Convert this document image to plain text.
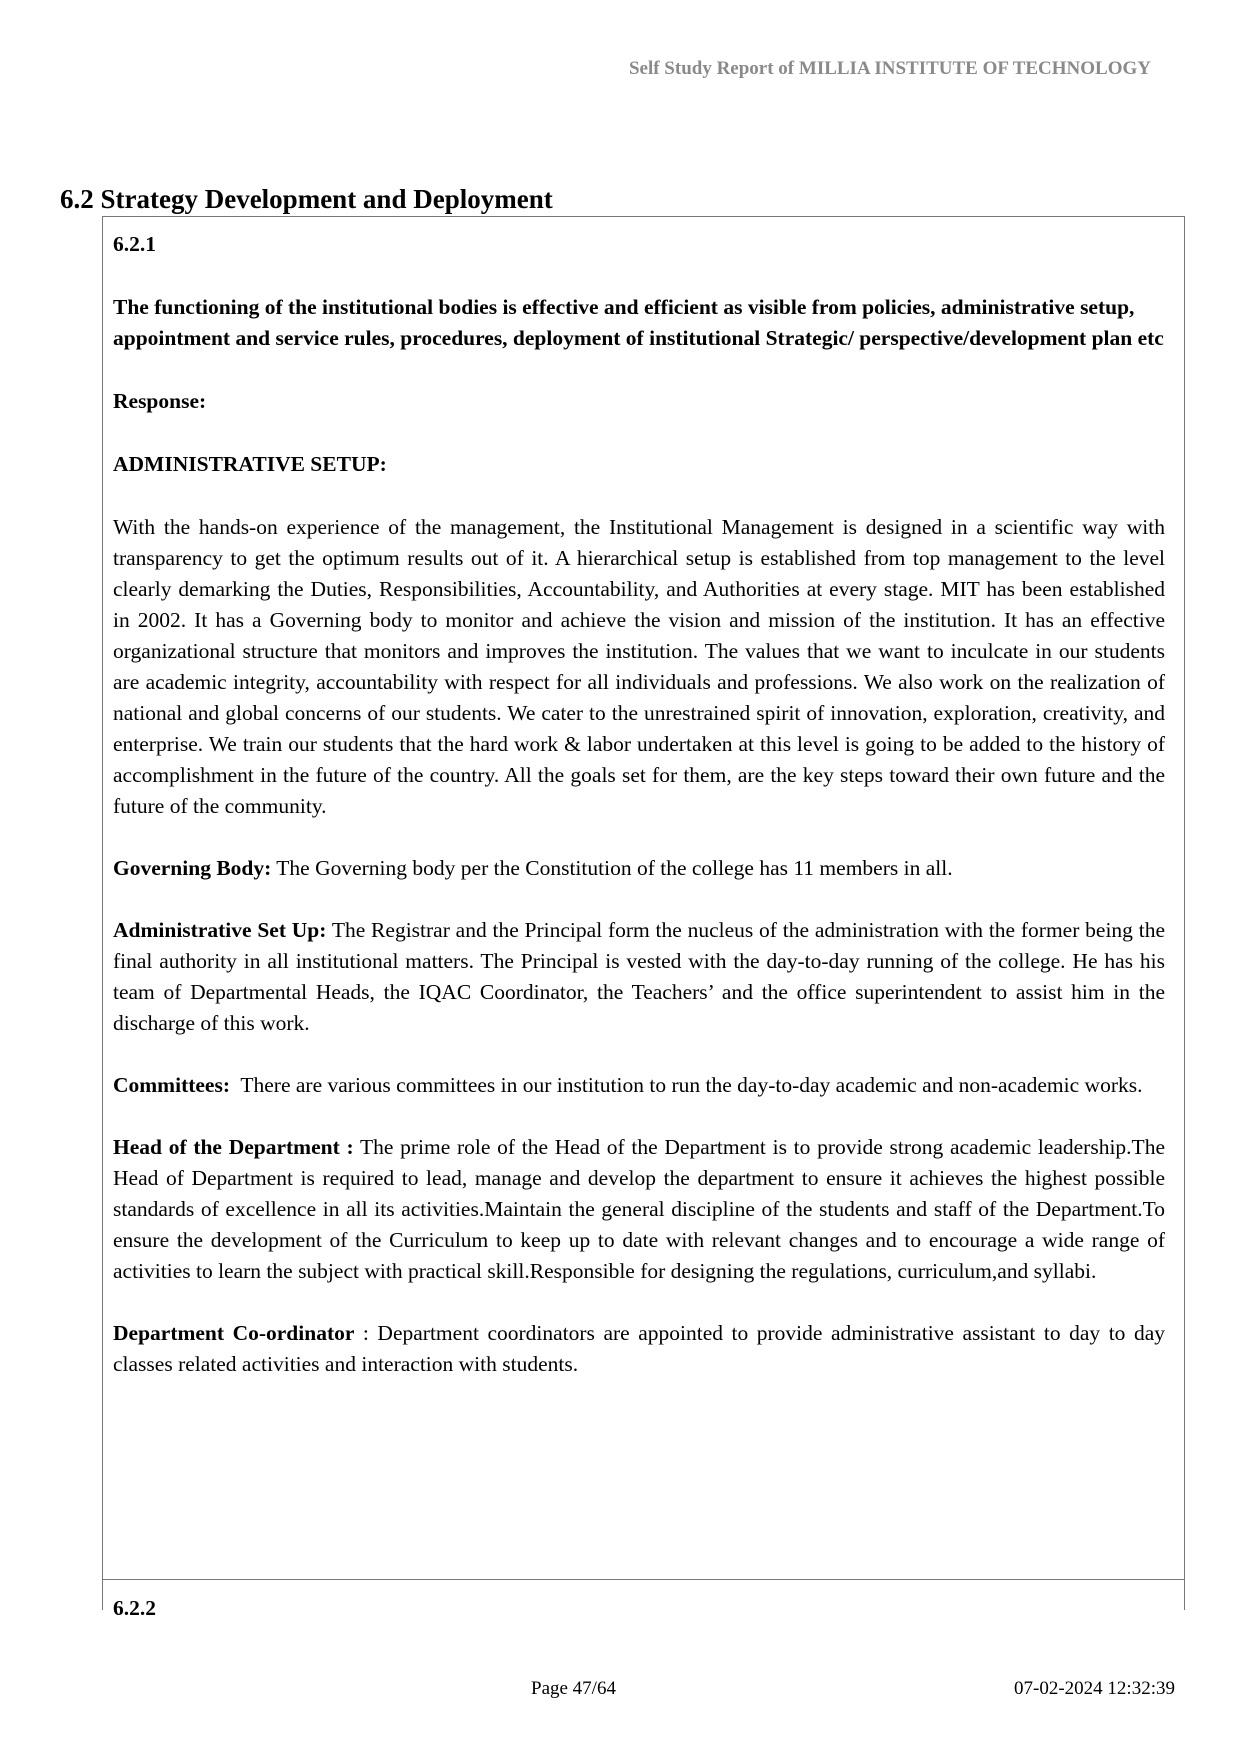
Self Study Report of MILLIA INSTITUTE OF TECHNOLOGY
6.2 Strategy Development and Deployment
6.2.1
The functioning of the institutional bodies is effective and efficient as visible from policies, administrative setup, appointment and service rules, procedures, deployment of institutional Strategic/ perspective/development plan etc
Response:
ADMINISTRATIVE SETUP:

With the hands-on experience of the management, the Institutional Management is designed in a scientific way with transparency to get the optimum results out of it. A hierarchical setup is established from top management to the level clearly demarking the Duties, Responsibilities, Accountability, and Authorities at every stage. MIT has been established in 2002. It has a Governing body to monitor and achieve the vision and mission of the institution. It has an effective organizational structure that monitors and improves the institution. The values that we want to inculcate in our students are academic integrity, accountability with respect for all individuals and professions. We also work on the realization of national and global concerns of our students. We cater to the unrestrained spirit of innovation, exploration, creativity, and enterprise. We train our students that the hard work & labor undertaken at this level is going to be added to the history of accomplishment in the future of the country. All the goals set for them, are the key steps toward their own future and the future of the community.

Governing Body: The Governing body per the Constitution of the college has 11 members in all.

Administrative Set Up: The Registrar and the Principal form the nucleus of the administration with the former being the final authority in all institutional matters. The Principal is vested with the day-to-day running of the college. He has his team of Departmental Heads, the IQAC Coordinator, the Teachers’ and the office superintendent to assist him in the discharge of this work.

Committees:  There are various committees in our institution to run the day-to-day academic and non-academic works.

Head of the Department : The prime role of the Head of the Department is to provide strong academic leadership.The Head of Department is required to lead, manage and develop the department to ensure it achieves the highest possible standards of excellence in all its activities.Maintain the general discipline of the students and staff of the Department.To ensure the development of the Curriculum to keep up to date with relevant changes and to encourage a wide range of activities to learn the subject with practical skill.Responsible for designing the regulations, curriculum,and syllabi.

Department Co-ordinator : Department coordinators are appointed to provide administrative assistant to day to day classes related activities and interaction with students.

6.2.2
Page 47/64	07-02-2024 12:32:39
